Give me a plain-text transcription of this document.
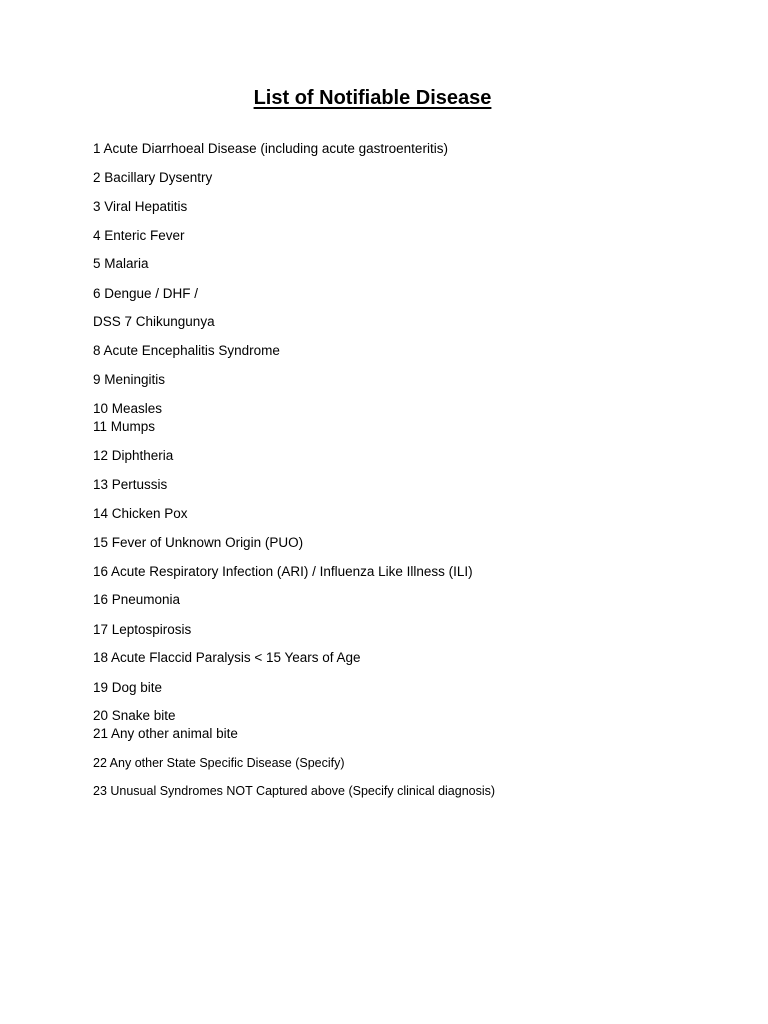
List of Notifiable Disease
1 Acute Diarrhoeal Disease (including acute gastroenteritis)
2 Bacillary Dysentry
3 Viral Hepatitis
4 Enteric Fever
5 Malaria
6 Dengue / DHF /
DSS 7 Chikungunya
8 Acute Encephalitis Syndrome
9 Meningitis
10 Measles
11 Mumps
12 Diphtheria
13 Pertussis
14 Chicken Pox
15 Fever of Unknown Origin (PUO)
16 Acute Respiratory Infection (ARI) / Influenza Like Illness (ILI)
16 Pneumonia
17 Leptospirosis
18 Acute Flaccid Paralysis < 15 Years of Age
19 Dog bite
20 Snake bite
21 Any other animal bite
22 Any other State Specific Disease (Specify)
23 Unusual Syndromes NOT Captured above (Specify clinical diagnosis)
